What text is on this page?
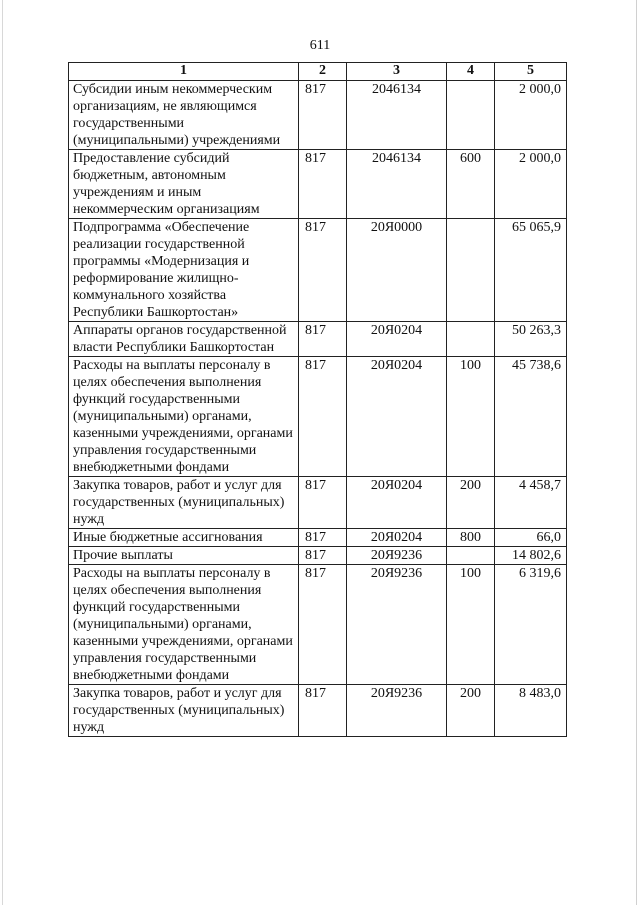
611
1	2	3	4	5
Субсидии иным некоммерческим организациям, не являющимся государственными (муниципальными) учреждениями	817	2046134		2 000,0
Предоставление субсидий бюджетным, автономным учреждениям и иным некоммерческим организациям	817	2046134	600	2 000,0
Подпрограмма «Обеспечение реализации государственной программы «Модернизация и реформирование жилищно-коммунального хозяйства Республики Башкортостан»	817	20Я0000		65 065,9
Аппараты органов государственной власти Республики Башкортостан	817	20Я0204		50 263,3
Расходы на выплаты персоналу в целях обеспечения выполнения функций государственными (муниципальными) органами, казенными учреждениями, органами управления государственными внебюджетными фондами	817	20Я0204	100	45 738,6
Закупка товаров, работ и услуг для государственных (муниципальных) нужд	817	20Я0204	200	4 458,7
Иные бюджетные ассигнования	817	20Я0204	800	66,0
Прочие выплаты	817	20Я9236		14 802,6
Расходы на выплаты персоналу в целях обеспечения выполнения функций государственными (муниципальными) органами, казенными учреждениями, органами управления государственными внебюджетными фондами	817	20Я9236	100	6 319,6
Закупка товаров, работ и услуг для государственных (муниципальных) нужд	817	20Я9236	200	8 483,0
